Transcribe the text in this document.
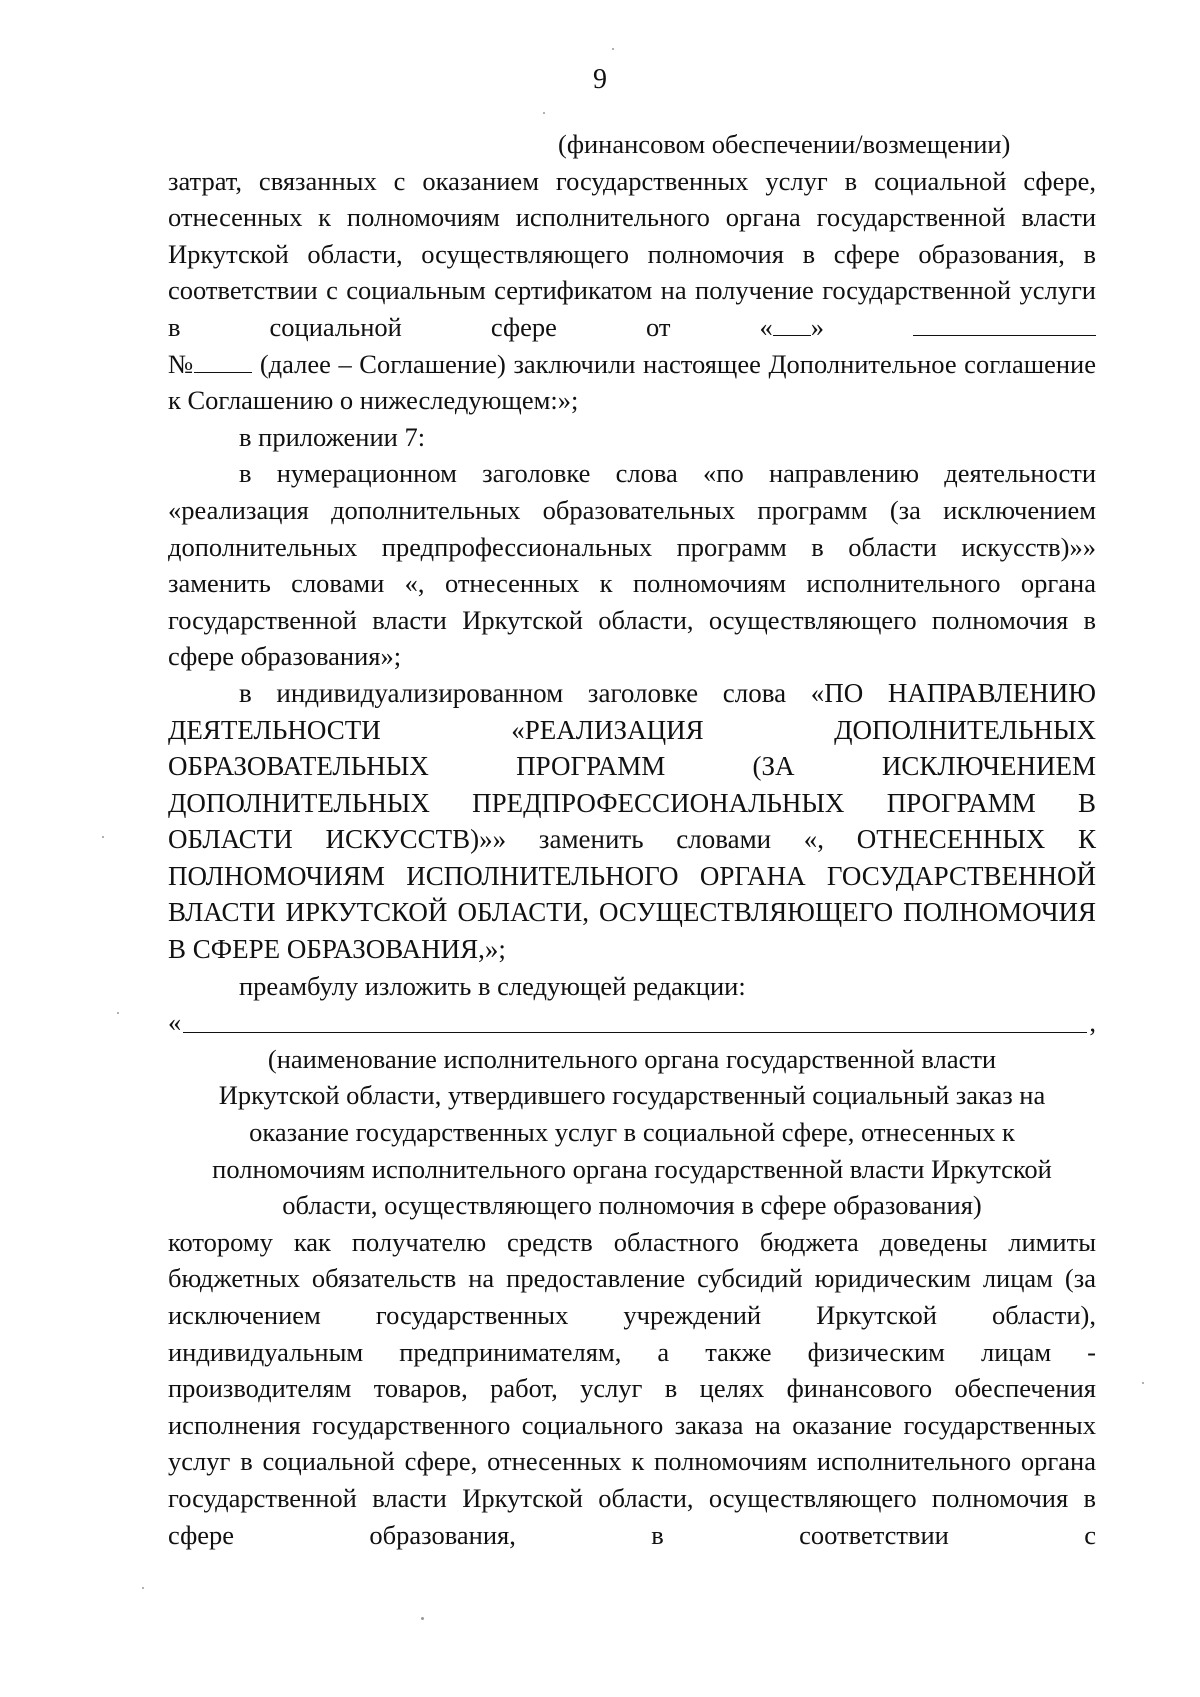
9

(финансовом обеспечении/возмещении)

затрат, связанных с оказанием государственных услуг в социальной сфере, отнесенных к полномочиям исполнительного органа государственной власти Иркутской области, осуществляющего полномочия в сфере образования, в соответствии с социальным сертификатом на получение государственной услуги в социальной сфере от « »

№ (далее – Соглашение) заключили настоящее Дополнительное соглашение к Соглашению о нижеследующем:»;

в приложении 7:

в нумерационном заголовке слова «по направлению деятельности «реализация дополнительных образовательных программ (за исключением дополнительных предпрофессиональных программ в области искусств)»» заменить словами «, отнесенных к полномочиям исполнительного органа государственной власти Иркутской области, осуществляющего полномочия в сфере образования»;

в индивидуализированном заголовке слова «ПО НАПРАВЛЕНИЮ ДЕЯТЕЛЬНОСТИ «РЕАЛИЗАЦИЯ ДОПОЛНИТЕЛЬНЫХ ОБРАЗОВАТЕЛЬНЫХ ПРОГРАММ (ЗА ИСКЛЮЧЕНИЕМ ДОПОЛНИТЕЛЬНЫХ ПРЕДПРОФЕССИОНАЛЬНЫХ ПРОГРАММ В ОБЛАСТИ ИСКУССТВ)»» заменить словами «, ОТНЕСЕННЫХ К ПОЛНОМОЧИЯМ ИСПОЛНИТЕЛЬНОГО ОРГАНА ГОСУДАРСТВЕННОЙ ВЛАСТИ ИРКУТСКОЙ ОБЛАСТИ, ОСУЩЕСТВЛЯЮЩЕГО ПОЛНОМОЧИЯ В СФЕРЕ ОБРАЗОВАНИЯ,»;

преамбулу изложить в следующей редакции:

«	,

(наименование исполнительного органа государственной власти

Иркутской области, утвердившего государственный социальный заказ на

оказание государственных услуг в социальной сфере, отнесенных к

полномочиям исполнительного органа государственной власти Иркутской

области, осуществляющего полномочия в сфере образования)

которому как получателю средств областного бюджета доведены лимиты бюджетных обязательств на предоставление субсидий юридическим лицам (за исключением государственных учреждений Иркутской области), индивидуальным предпринимателям, а также физическим лицам - производителям товаров, работ, услуг в целях финансового обеспечения исполнения государственного социального заказа на оказание государственных услуг в социальной сфере, отнесенных к полномочиям исполнительного органа государственной власти Иркутской области, осуществляющего полномочия в сфере образования, в соответствии с
